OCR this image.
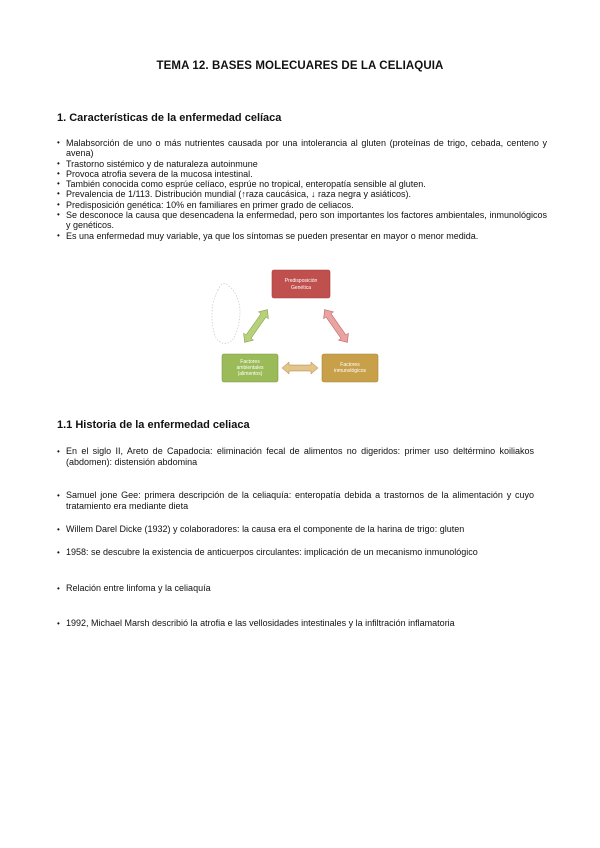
TEMA 12. BASES MOLECUARES DE LA CELIAQUIA
1. Características de la enfermedad celíaca
• Malabsorción de uno o más nutrientes causada por una intolerancia al gluten (proteínas de trigo, cebada, centeno y avena)
• Trastorno sistémico y de naturaleza autoinmune
• Provoca atrofia severa de la mucosa intestinal.
• También conocida como esprúe celíaco, esprúe no tropical, enteropatía sensible al gluten.
• Prevalencia de 1/113. Distribución mundial (↑raza caucásica, ↓ raza negra y asiáticos).
• Predisposición genética: 10% en familiares en primer grado de celiacos.
• Se desconoce la causa que desencadena la enfermedad, pero son importantes los factores ambientales, inmunológicos y genéticos.
• Es una enfermedad muy variable, ya que los síntomas se pueden presentar en mayor o menor medida.
Predisposición
Genética
Factores
ambientales
(alimentos)
Factores
inmunológicos
1.1 Historia de la enfermedad celiaca
• En el siglo II, Areto de Capadocia: eliminación fecal de alimentos no digeridos: primer uso deltérmino koiliakos (abdomen): distensión abdomina
• Samuel jone Gee: primera descripción de la celiaquía: enteropatía debida a trastornos de la alimentación y cuyo tratamiento era mediante dieta
• Willem Darel Dicke (1932) y colaboradores: la causa era el componente de la harina de trigo: gluten
• 1958: se descubre la existencia de anticuerpos circulantes: implicación de un mecanismo inmunológico
• Relación entre linfoma y la celiaquía
• 1992, Michael Marsh describió la atrofia e las vellosidades intestinales y la infiltración inflamatoria
